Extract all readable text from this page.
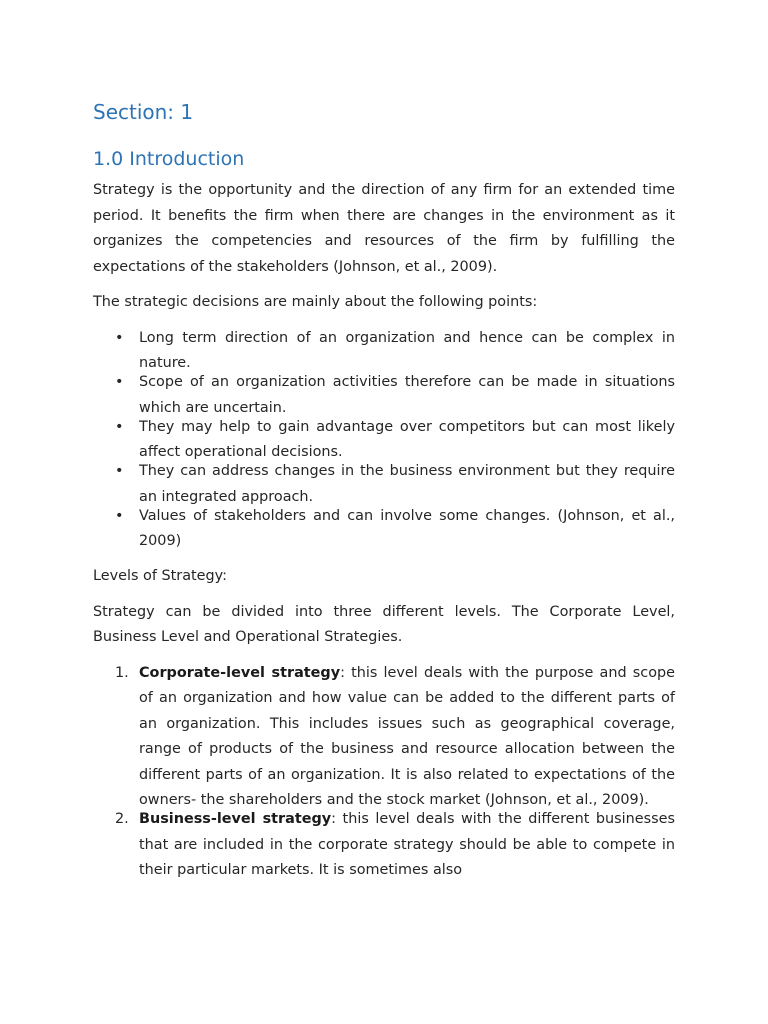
Section: 1
1.0 Introduction

Strategy is the opportunity and the direction of any firm for an extended time period. It benefits the firm when there are changes in the environment as it organizes the competencies and resources of the firm by fulfilling the expectations of the stakeholders (Johnson, et al., 2009).

The strategic decisions are mainly about the following points:

• Long term direction of an organization and hence can be complex in nature.
• Scope of an organization activities therefore can be made in situations which are uncertain.
• They may help to gain advantage over competitors but can most likely affect operational decisions.
• They can address changes in the business environment but they require an integrated approach.
• Values of stakeholders and can involve some changes. (Johnson, et al., 2009)

Levels of Strategy:

Strategy can be divided into three different levels. The Corporate Level, Business Level and Operational Strategies.

1. Corporate-level strategy: this level deals with the purpose and scope of an organization and how value can be added to the different parts of an organization. This includes issues such as geographical coverage, range of products of the business and resource allocation between the different parts of an organization. It is also related to expectations of the owners- the shareholders and the stock market (Johnson, et al., 2009).
2. Business-level strategy: this level deals with the different businesses that are included in the corporate strategy should be able to compete in their particular markets. It is sometimes also
